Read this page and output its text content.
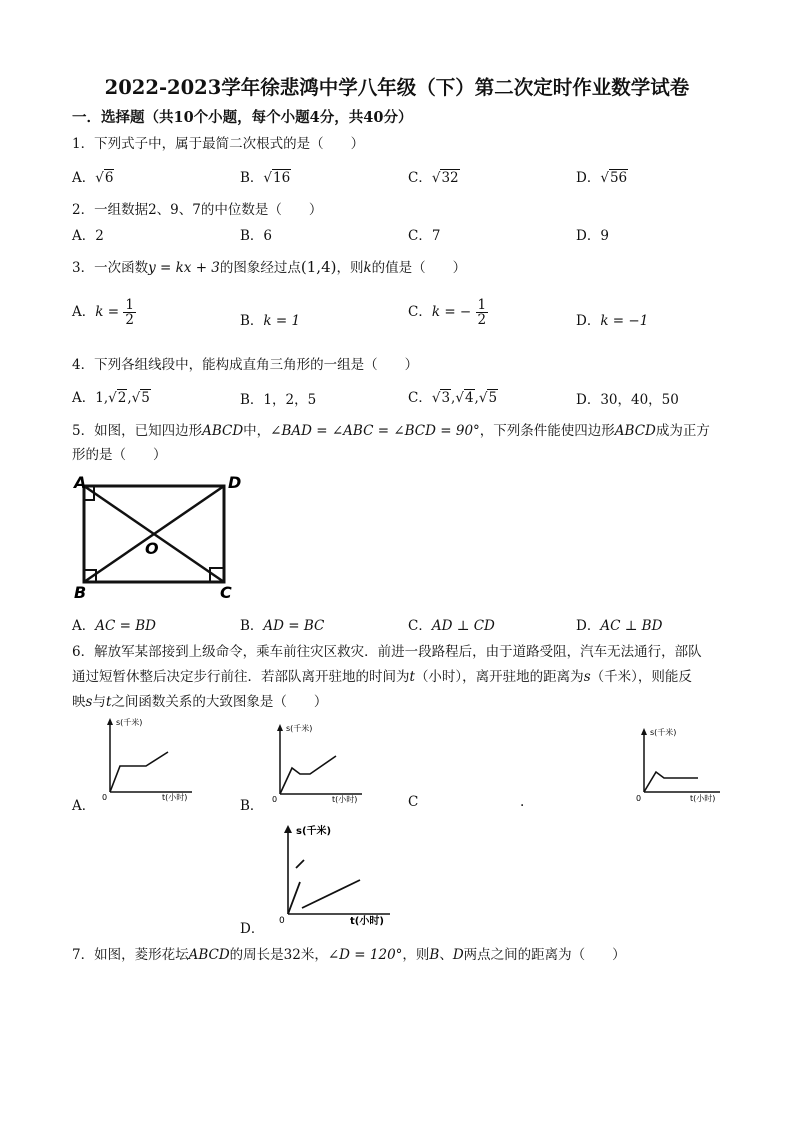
2022-2023学年徐悲鸿中学八年级（下）第二次定时作业数学试卷
一．选择题（共10个小题，每个小题4分，共40分）
1．下列式子中，属于最简二次根式的是（　　）
A．√6	B．√16	C．√32	D．√56
2．一组数据2、9、7的中位数是（　　）
A．2	B．6	C．7	D．9
3．一次函数y = kx + 3的图象经过点(1,4)，则k的值是（　　）
A．$k = \frac{1}{2}$	B．k = 1
C．k = − $\frac{1}{2}$	D．k = −1
4．下列各组线段中，能构成直角三角形的一组是（　　）
A．1,√2,√5	B．1，2，5	C．√3,√4,√5	D．30，40，50
5．如图，已知四边形ABCD中，∠BAD = ∠ABC = ∠BCD = 90°，下列条件能使四边形ABCD成为正方
形的是（　　）
A	D
B	C
O
A．AC = BD	B．AD = BC	C．AD ⊥ CD	D．AC ⊥ BD
6．解放军某部接到上级命令，乘车前往灾区救灾．前进一段路程后，由于道路受阻，汽车无法通行，部队
通过短暂休整后决定步行前往．若部队离开驻地的时间为t（小时），离开驻地的距离为s（千米），则能反
映s与t之间函数关系的大致图象是（　　）
s(千米)
t(小时)
0
A．
s(千米)
t(小时)
0
B．	C	.
s(千米)
t(小时)
0
s(千米)
t(小时)
0
D．
7．如图，菱形花坛ABCD的周长是32米，∠D = 120°，则B、D两点之间的距离为（　　）
